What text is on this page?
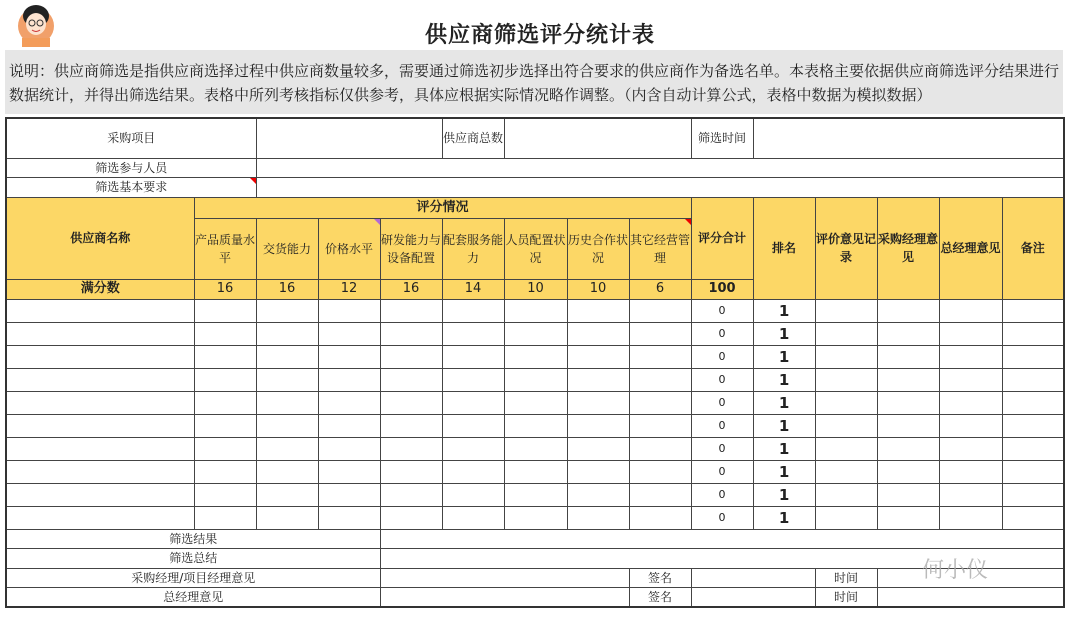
供应商筛选评分统计表
说明：供应商筛选是指供应商选择过程中供应商数量较多，需要通过筛选初步选择出符合要求的供应商作为备选名单。本表格主要依据供应商筛选评分结果进行数据统计，并得出筛选结果。表格中所列考核指标仅供参考，具体应根据实际情况略作调整。（内含自动计算公式，表格中数据为模拟数据）
采购项目					供应商总数				筛选时间					
筛选参与人员														
筛选基本要求														
供应商名称	评分情况								评分合计	排名	评价意见记录	采购经理意见	总经理意见	备注
	产品质量水平	交货能力	价格水平	研发能力与设备配置	配套服务能力	人员配置状况	历史合作状况	其它经营管理						
满分数	16	16	12	16	14	10	10	6	100					
									0	1				
									0	1				
									0	1				
									0	1				
									0	1				
									0	1				
									0	1				
									0	1				
									0	1				
									0	1				
筛选结果														
筛选总结														
采购经理/项目经理意见								签名			时间			
总经理意见								签名			时间			
何小仪
